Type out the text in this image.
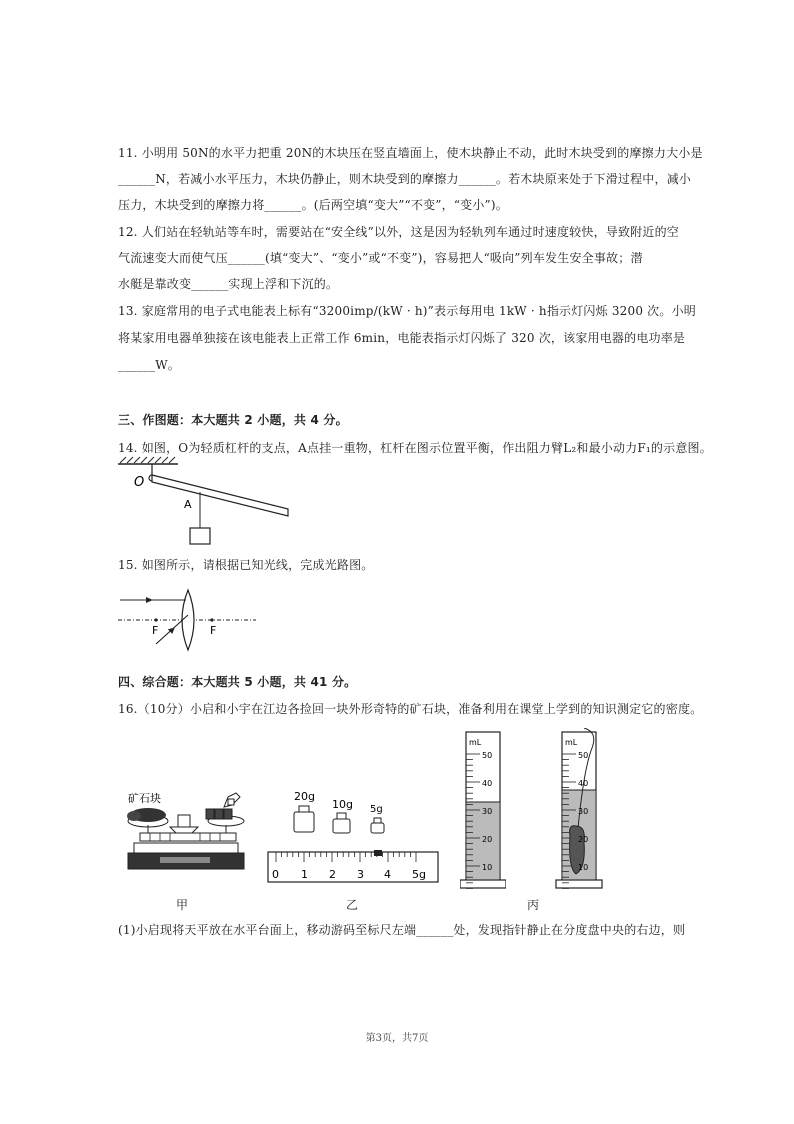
11. 小明用 50N的水平力把重 20N的木块压在竖直墙面上，使木块静止不动，此时木块受到的摩擦力大小是
______N，若减小水平压力，木块仍静止，则木块受到的摩擦力______。若木块原来处于下滑过程中，减小
压力，木块受到的摩擦力将______。(后两空填“变大”“不变”，“变小”)。
12. 人们站在轻轨站等车时，需要站在“安全线”以外，这是因为轻轨列车通过时速度较快，导致附近的空
气流速变大而使气压______(填“变大”、“变小”或“不变”)，容易把人“吸向”列车发生安全事故；潜
水艇是靠改变______实现上浮和下沉的。
13. 家庭常用的电子式电能表上标有“3200imp/(kW · h)”表示每用电 1kW · h指示灯闪烁 3200 次。小明
将某家用电器单独接在该电能表上正常工作 6min，电能表指示灯闪烁了 320 次，该家用电器的电功率是
______W。
三、作图题：本大题共 2 小题，共 4 分。
14. 如图，O为轻质杠杆的支点，A点挂一重物，杠杆在图示位置平衡，作出阻力臂L₂和最小动力F₁的示意图。
O
A
15. 如图所示，请根据已知光线，完成光路图。
F	F
四、综合题：本大题共 5 小题，共 41 分。
16.（10分）小启和小宇在江边各捡回一块外形奇特的矿石块，准备利用在课堂上学到的知识测定它的密度。
矿石块
甲
20g
10g 5g
0 1 2 3 4 5g
乙
mL
50
40
30
20
10
mL
50
40
30
20
10
丙
(1)小启现将天平放在水平台面上，移动游码至标尺左端______处，发现指针静止在分度盘中央的右边，则
第3页，共7页
